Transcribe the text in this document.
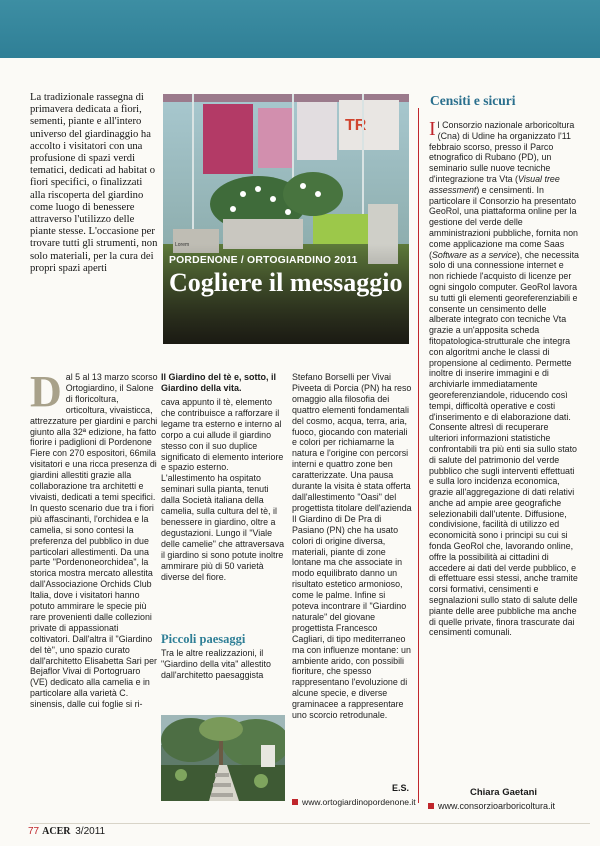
La tradizionale rassegna di primavera dedicata a fiori, sementi, piante e all'intero universo del giardinaggio ha accolto i visitatori con una profusione di spazi verdi tematici, dedicati ad habitat o fiori specifici, o finalizzati alla riscoperta del giardino come luogo di benessere attraverso l'utilizzo delle piante stesse. L'occasione per trovare tutti gli strumenti, non solo materiali, per la cura dei propri spazi aperti
TR
PORDENONE / ORTOGIARDINO 2011
Cogliere il messaggio
Censiti e sicuri
Il Consorzio nazionale arboricoltura (Cna) di Udine ha organizzato l'11 febbraio scorso, presso il Parco etnografico di Rubano (PD), un seminario sulle nuove tecniche d'integrazione tra Vta (Visual tree assessment) e censimenti. In particolare il Consorzio ha presentato GeoRol, una piattaforma online per la gestione del verde delle amministrazioni pubbliche, fornita non come applicazione ma come Saas (Software as a service), che necessita solo di una connessione internet e non richiede l'acquisto di licenze per ogni singolo computer. GeoRol lavora su tutti gli elementi georeferenziabili e consente un censimento delle alberate integrato con tecniche Vta grazie a un'apposita scheda fitopatologica-strutturale che integra con algoritmi anche le classi di propensione al cedimento. Permette inoltre di inserire immagini e di archiviarle immediatamente georeferenziandole, riducendo così tempi, difficoltà operative e costi d'inserimento e di elaborazione dati. Consente altresì di recuperare ulteriori informazioni statistiche confrontabili tra più enti sia sullo stato di salute del patrimonio del verde pubblico che sugli interventi effettuati e sulla loro incidenza economica, grazie all'aggregazione di dati relativi anche ad ampie aree geografiche selezionabili dall'utente. Diffusione, condivisione, facilità di utilizzo ed economicità sono i principi su cui si fonda GeoRol che, lavorando online, offre la possibilità ai cittadini di accedere ai dati del verde pubblico, e di effettuare essi stessi, anche tramite corsi formativi, censimenti e segnalazioni sullo stato di salute delle piante delle aree pubbliche ma anche di quelle private, finora trascurate dai censimenti comunali.
Chiara Gaetani
www.consorzioarboricoltura.it
Dal 5 al 13 marzo scorso Ortogiardino, il Salone di floricoltura, orticoltura, vivaisticca, attrezzature per giardini e parchi giunto alla 32ª edizione, ha fatto fiorire i padiglioni di Pordenone Fiere con 270 espositori, 66mila visitatori e una ricca presenza di giardini allestiti grazie alla collaborazione tra architetti e vivaisti, dedicati a temi specifici. In questo scenario due tra i fiori più affascinanti, l'orchidea e la camelia, si sono contesi la preferenza del pubblico in due particolari allestimenti. Da una parte "Pordenoneorchidea", la storica mostra mercato allestita dall'Associazione Orchids Club Italia, dove i visitatori hanno potuto ammirare le specie più rare provenienti dalle collezioni private di appassionati coltivatori. Dall'altra il "Giardino del tè", uno spazio curato dall'architetto Elisabetta Sari per Bejaflor Vivai di Portogruaro (VE) dedicato alla camelia e in particolare alla varietà C. sinensis, dalle cui foglie si ri-
Il Giardino del tè e, sotto, il Giardino della vita.
cava appunto il tè, elemento che contribuisce a rafforzare il legame tra esterno e interno al corpo a cui allude il giardino stesso con il suo duplice significato di elemento interiore e spazio esterno. L'allestimento ha ospitato seminari sulla pianta, tenuti dalla Società italiana della camelia, sulla cultura del tè, il benessere in giardino, oltre a degustazioni. Lungo il "Viale delle camelie" che attraversava il giardino si sono potute inoltre ammirare più di 50 varietà diverse del fiore.
Piccoli paesaggi
Tra le altre realizzazioni, il "Giardino della vita" allestito dall'architetto paesaggista
Stefano Borselli per Vivai Piveeta di Porcia (PN) ha reso omaggio alla filosofia dei quattro elementi fondamentali del cosmo, acqua, terra, aria, fuoco, giocando con materiali e colori per richiamarne la natura e l'origine con percorsi interni e quattro zone ben caratterizzate. Una pausa durante la visita è stata offerta dall'allestimento "Oasi" del progettista titolare dell'azienda Il Giardino di De Pra di Pasiano (PN) che ha usato colori di origine diversa, materiali, piante di zone lontane ma che associate in modo equilibrato danno un risultato estetico armonioso, come le palme. Infine si poteva incontrare il "Giardino naturale" del giovane progettista Francesco Cagliari, di tipo mediterraneo ma con influenze montane: un ambiente arido, con possibili fioriture, che spesso rappresentano l'evoluzione di alcune specie, e diverse graminacee a rappresentare uno scorcio retrodunale.
E.S.
www.ortogiardinopordenone.it
77 ACER 3/2011
